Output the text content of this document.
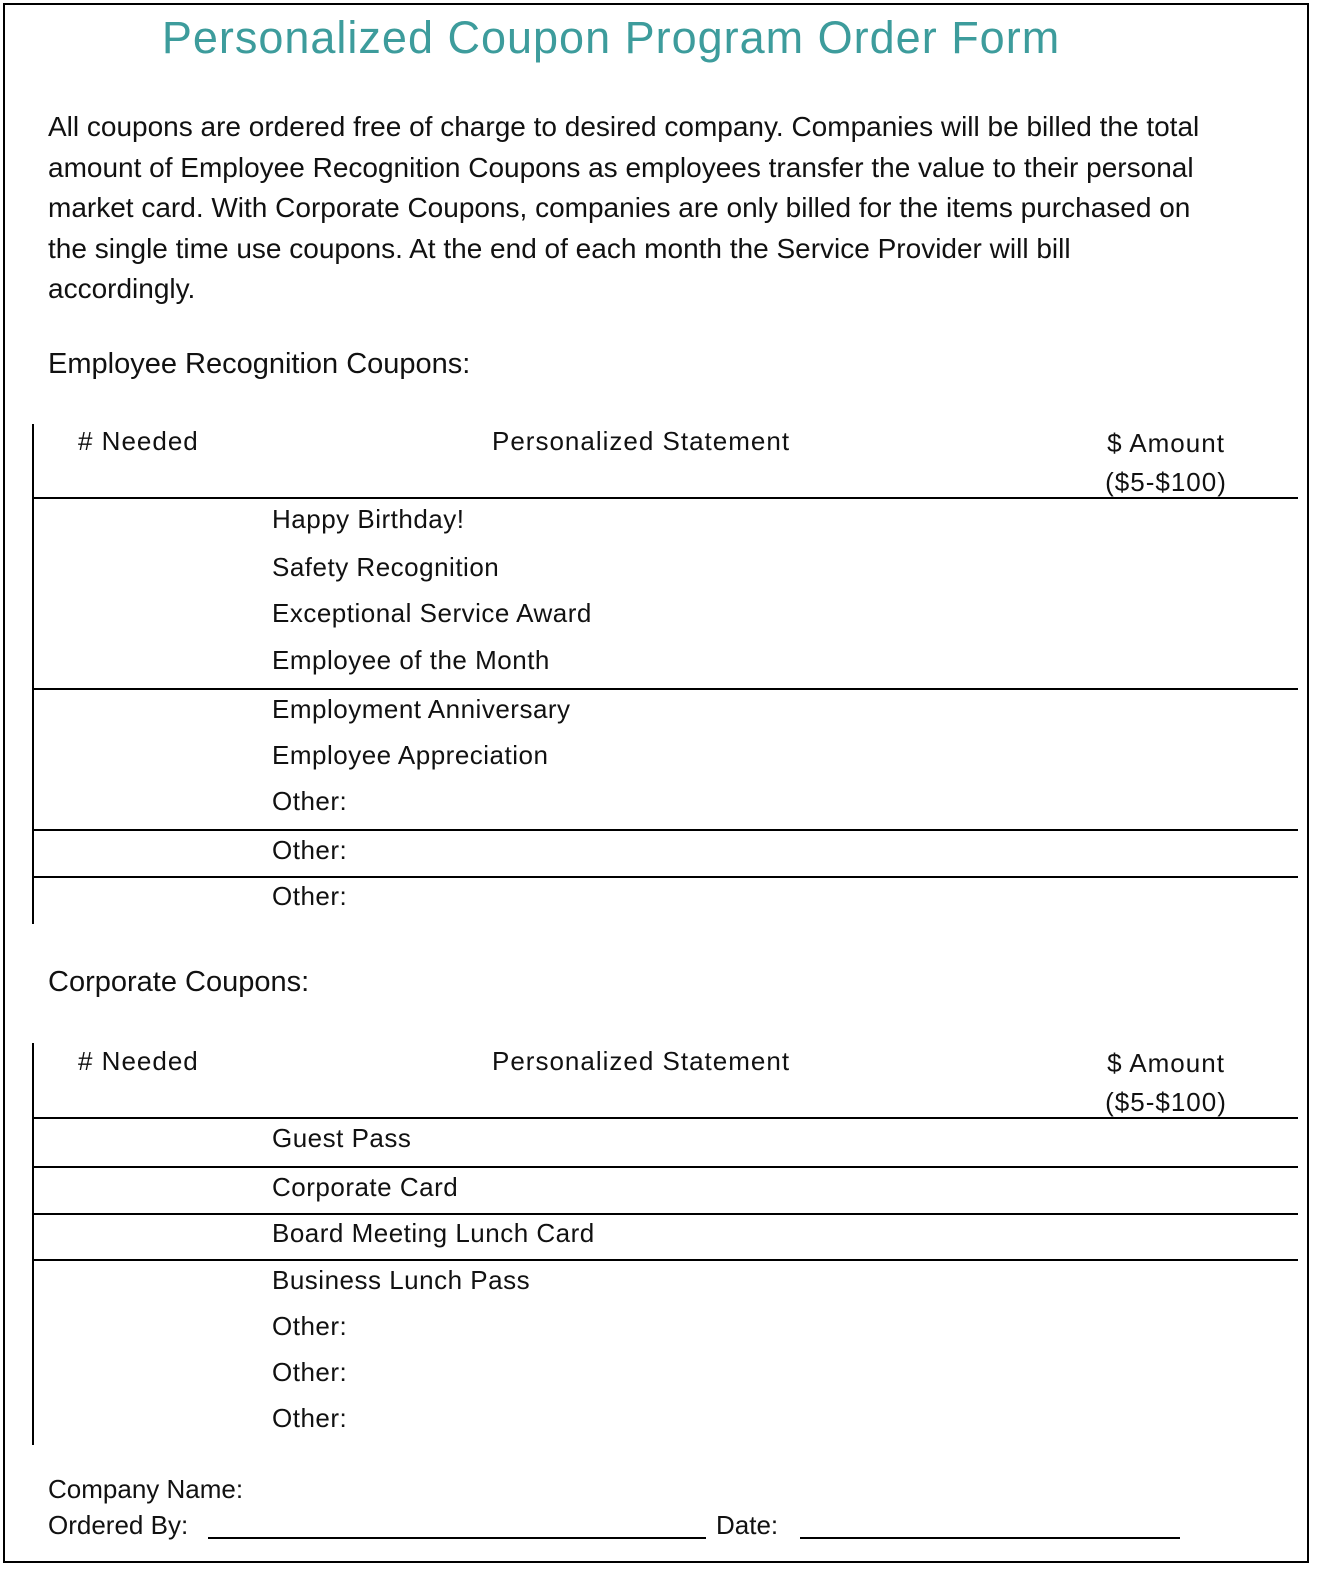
Personalized Coupon Program Order Form

All coupons are ordered free of charge to desired company. Companies will be billed the total amount of Employee Recognition Coupons as employees transfer the value to their personal market card. With Corporate Coupons, companies are only billed for the items purchased on the single time use coupons. At the end of each month the Service Provider will bill accordingly.

Employee Recognition Coupons:
# Needed	Personalized Statement	$ Amount
($5-$100)
Happy Birthday!
Safety Recognition
Exceptional Service Award
Employee of the Month
Employment Anniversary
Employee Appreciation
Other:
Other:
Other:
Corporate Coupons:
# Needed	Personalized Statement	$ Amount
($5-$100)
Guest Pass
Corporate Card
Board Meeting Lunch Card
Business Lunch Pass
Other:
Other:
Other:
Company Name:
Ordered By:	Date:
